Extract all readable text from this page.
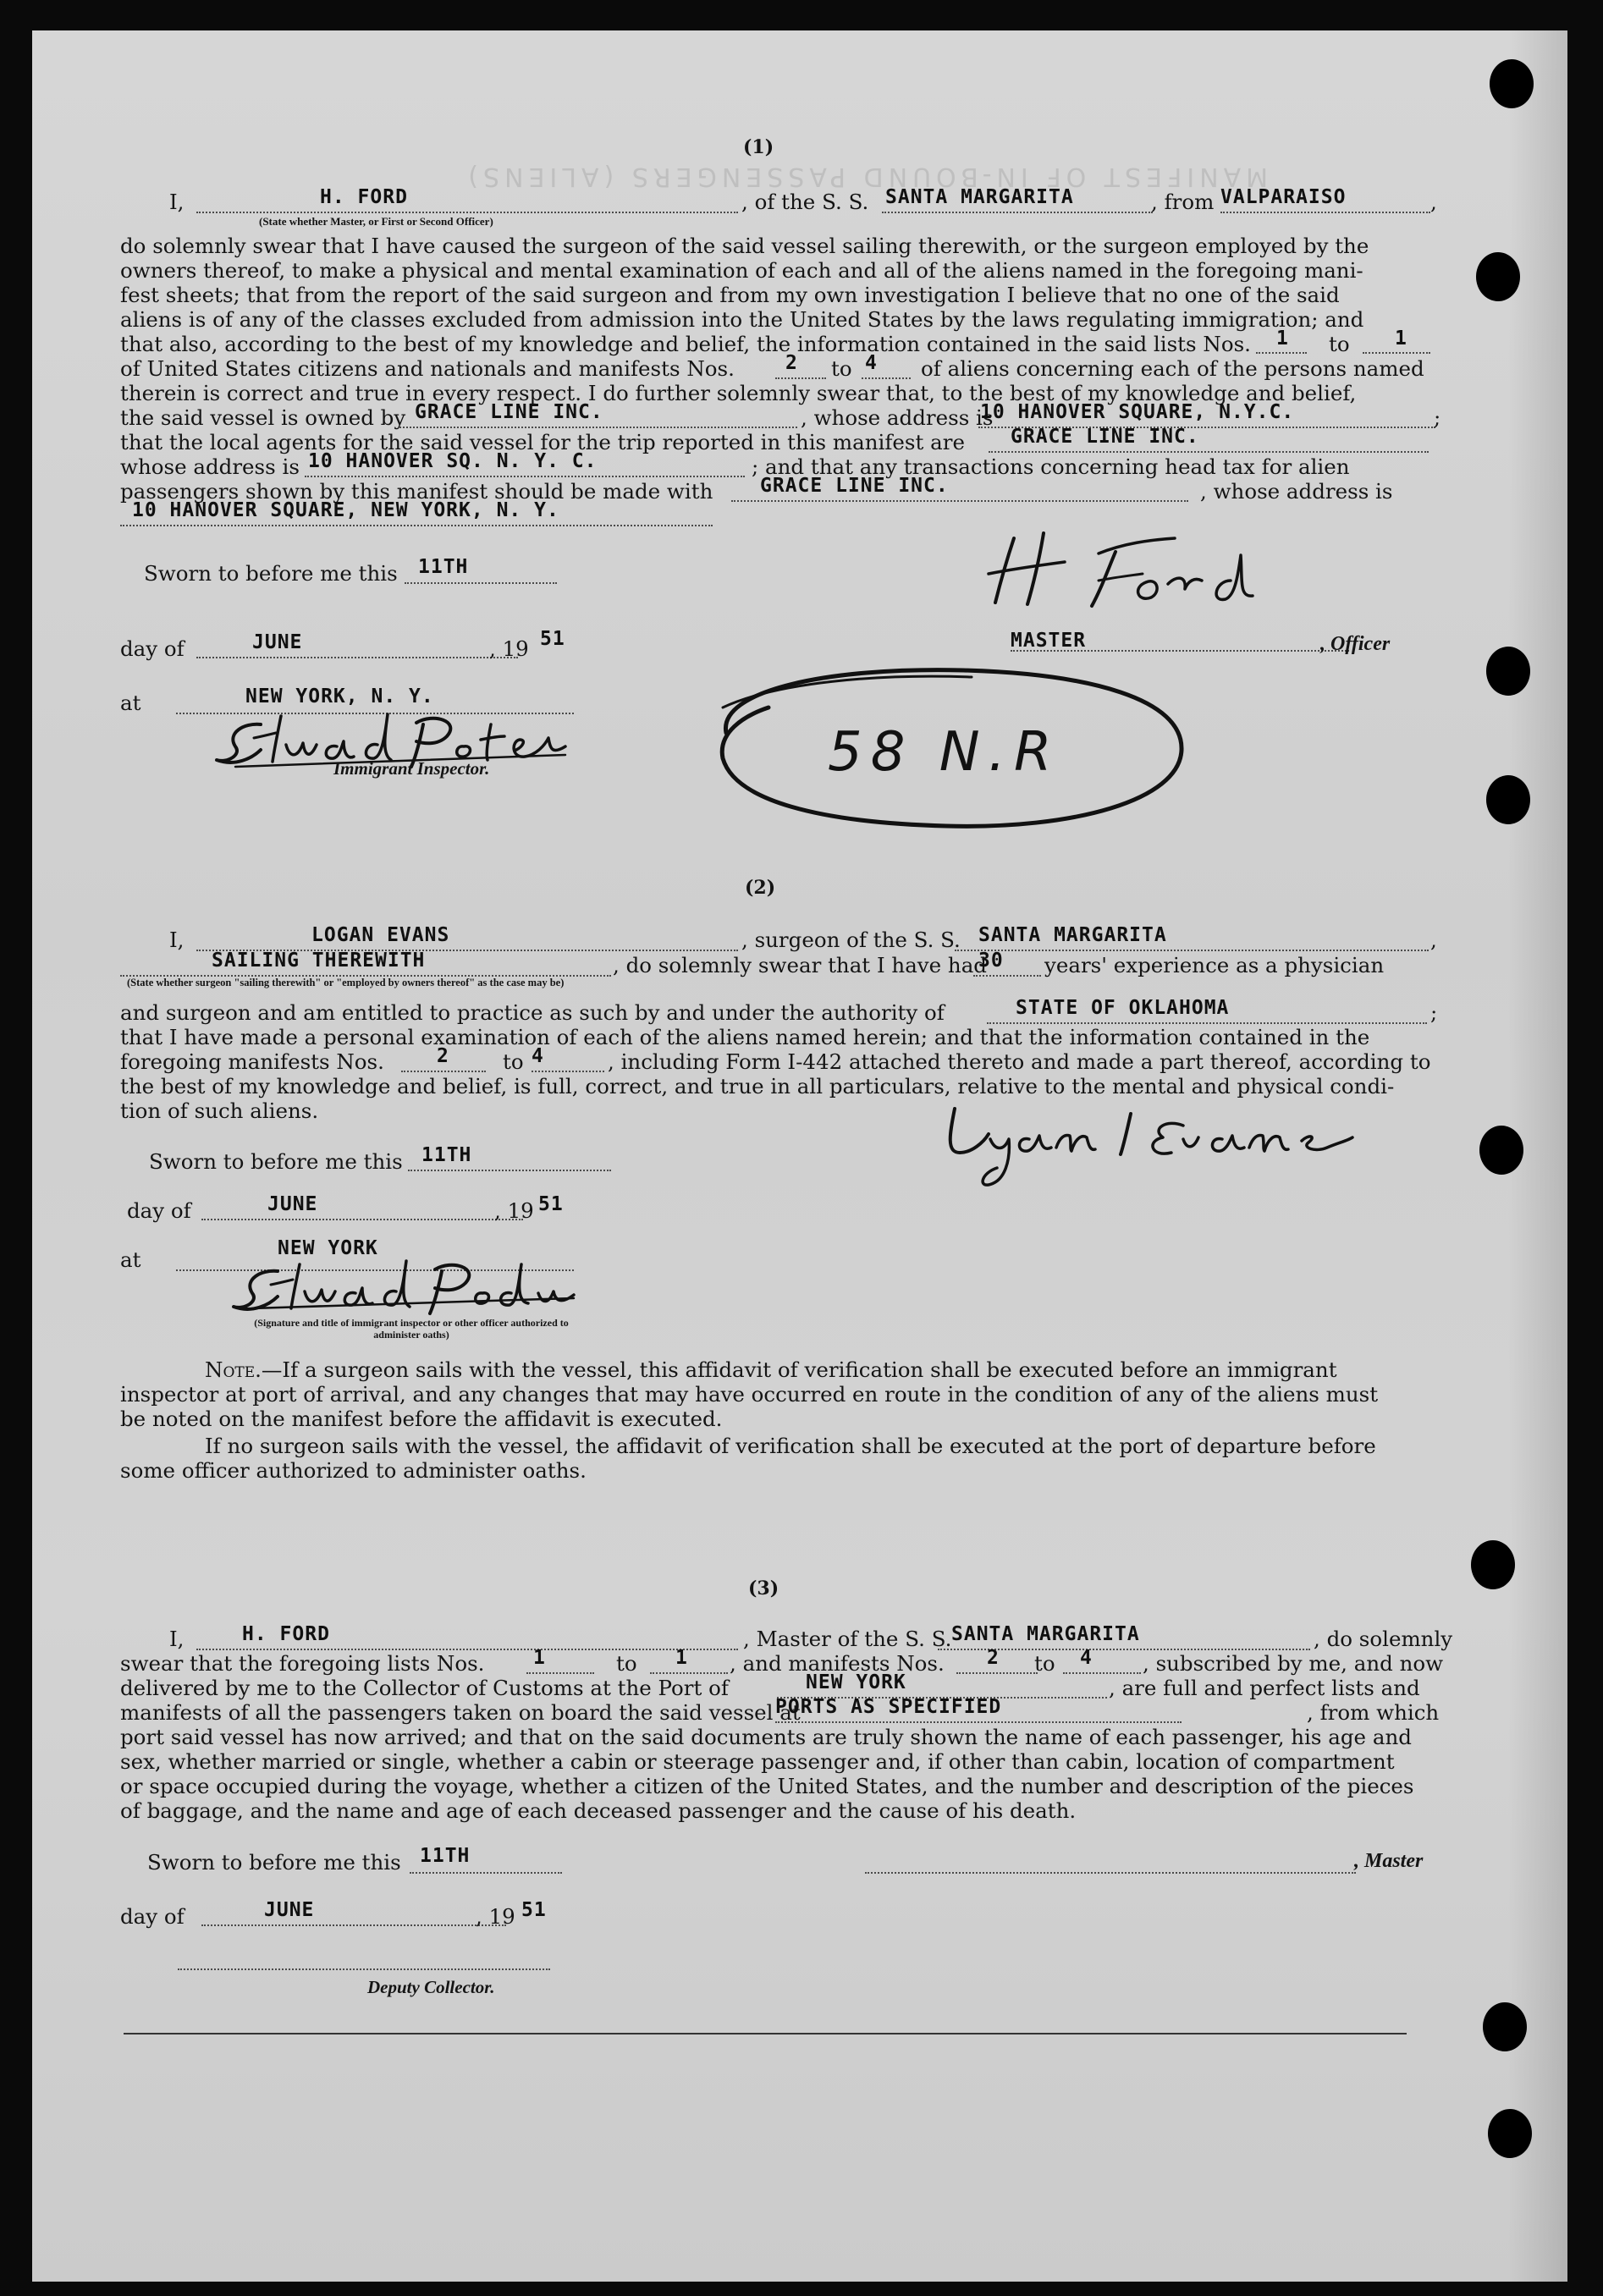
MANIFEST OF IN-BOUND PASSENGERS (ALIENS)
(1)
I,	H. FORD
(State whether Master, or First or Second Officer)
, of the S. S. SANTA MARGARITA	, from VALPARAISO	,
do solemnly swear that I have caused the surgeon of the said vessel sailing therewith, or the surgeon employed by the
owners thereof, to make a physical and mental examination of each and all of the aliens named in the foregoing mani-
fest sheets; that from the report of the said surgeon and from my own investigation I believe that no one of the said
aliens is of any of the classes excluded from admission into the United States by the laws regulating immigration; and
that also, according to the best of my knowledge and belief, the information contained in the said lists Nos. 1 to 1
of United States citizens and nationals and manifests Nos.	2 to 4 of aliens concerning each of the persons named
therein is correct and true in every respect. I do further solemnly swear that, to the best of my knowledge and belief,
the said vessel is owned by GRACE LINE INC.	, whose address is
10 HANOVER SQUARE, N.Y.C.	;
that the local agents for the said vessel for the trip reported in this manifest are GRACE LINE INC.
whose address is 10 HANOVER SQ. N. Y. C.	; and that any transactions concerning head tax for alien
passengers shown by this manifest should be made with GRACE LINE INC.	, whose address is
10 HANOVER SQUARE, NEW YORK, N. Y.
Sworn to before me this 11TH
day of	JUNE	, 19 51
at	NEW YORK, N. Y.
MASTER	, Officer
Immigrant Inspector.	58 N.R
(2)
I,	LOGAN EVANS	, surgeon of the S. S. SANTA MARGARITA	,
SAILING THEREWITH	, do solemnly swear that I have had
30 years' experience as a physician
(State whether surgeon "sailing therewith" or "employed by owners thereof" as the case may be)
and surgeon and am entitled to practice as such by and under the authority of	STATE OF OKLAHOMA	;
that I have made a personal examination of each of the aliens named herein; and that the information contained in the
foregoing manifests Nos.	2	to 4	, including Form I-442 attached thereto and made a part thereof, according to
the best of my knowledge and belief, is full, correct, and true in all particulars, relative to the mental and physical condi-
tion of such aliens.
Sworn to before me this 11TH
day of	JUNE	, 19 51
at	NEW YORK
(Signature and title of immigrant inspector or other officer authorized to administer oaths)
Note.—If a surgeon sails with the vessel, this affidavit of verification shall be executed before an immigrant
inspector at port of arrival, and any changes that may have occurred en route in the condition of any of the aliens must
be noted on the manifest before the affidavit is executed.
If no surgeon sails with the vessel, the affidavit of verification shall be executed at the port of departure before
some officer authorized to administer oaths.
(3)
I,	H. FORD	, Master of the S. S. SANTA MARGARITA	, do solemnly
swear that the foregoing lists Nos.	1	to 1 , and manifests Nos. 2 to 4 , subscribed by me, and now
delivered by me to the Collector of Customs at the Port of	NEW YORK	, are full and perfect lists and
manifests of all the passengers taken on board the said vessel at
PORTS AS SPECIFIED	, from which
port said vessel has now arrived; and that on the said documents are truly shown the name of each passenger, his age and
sex, whether married or single, whether a cabin or steerage passenger and, if other than cabin, location of compartment
or space occupied during the voyage, whether a citizen of the United States, and the number and description of the pieces
of baggage, and the name and age of each deceased passenger and the cause of his death.
Sworn to before me this 11TH	, Master
day of	JUNE	, 19 51
Deputy Collector.
